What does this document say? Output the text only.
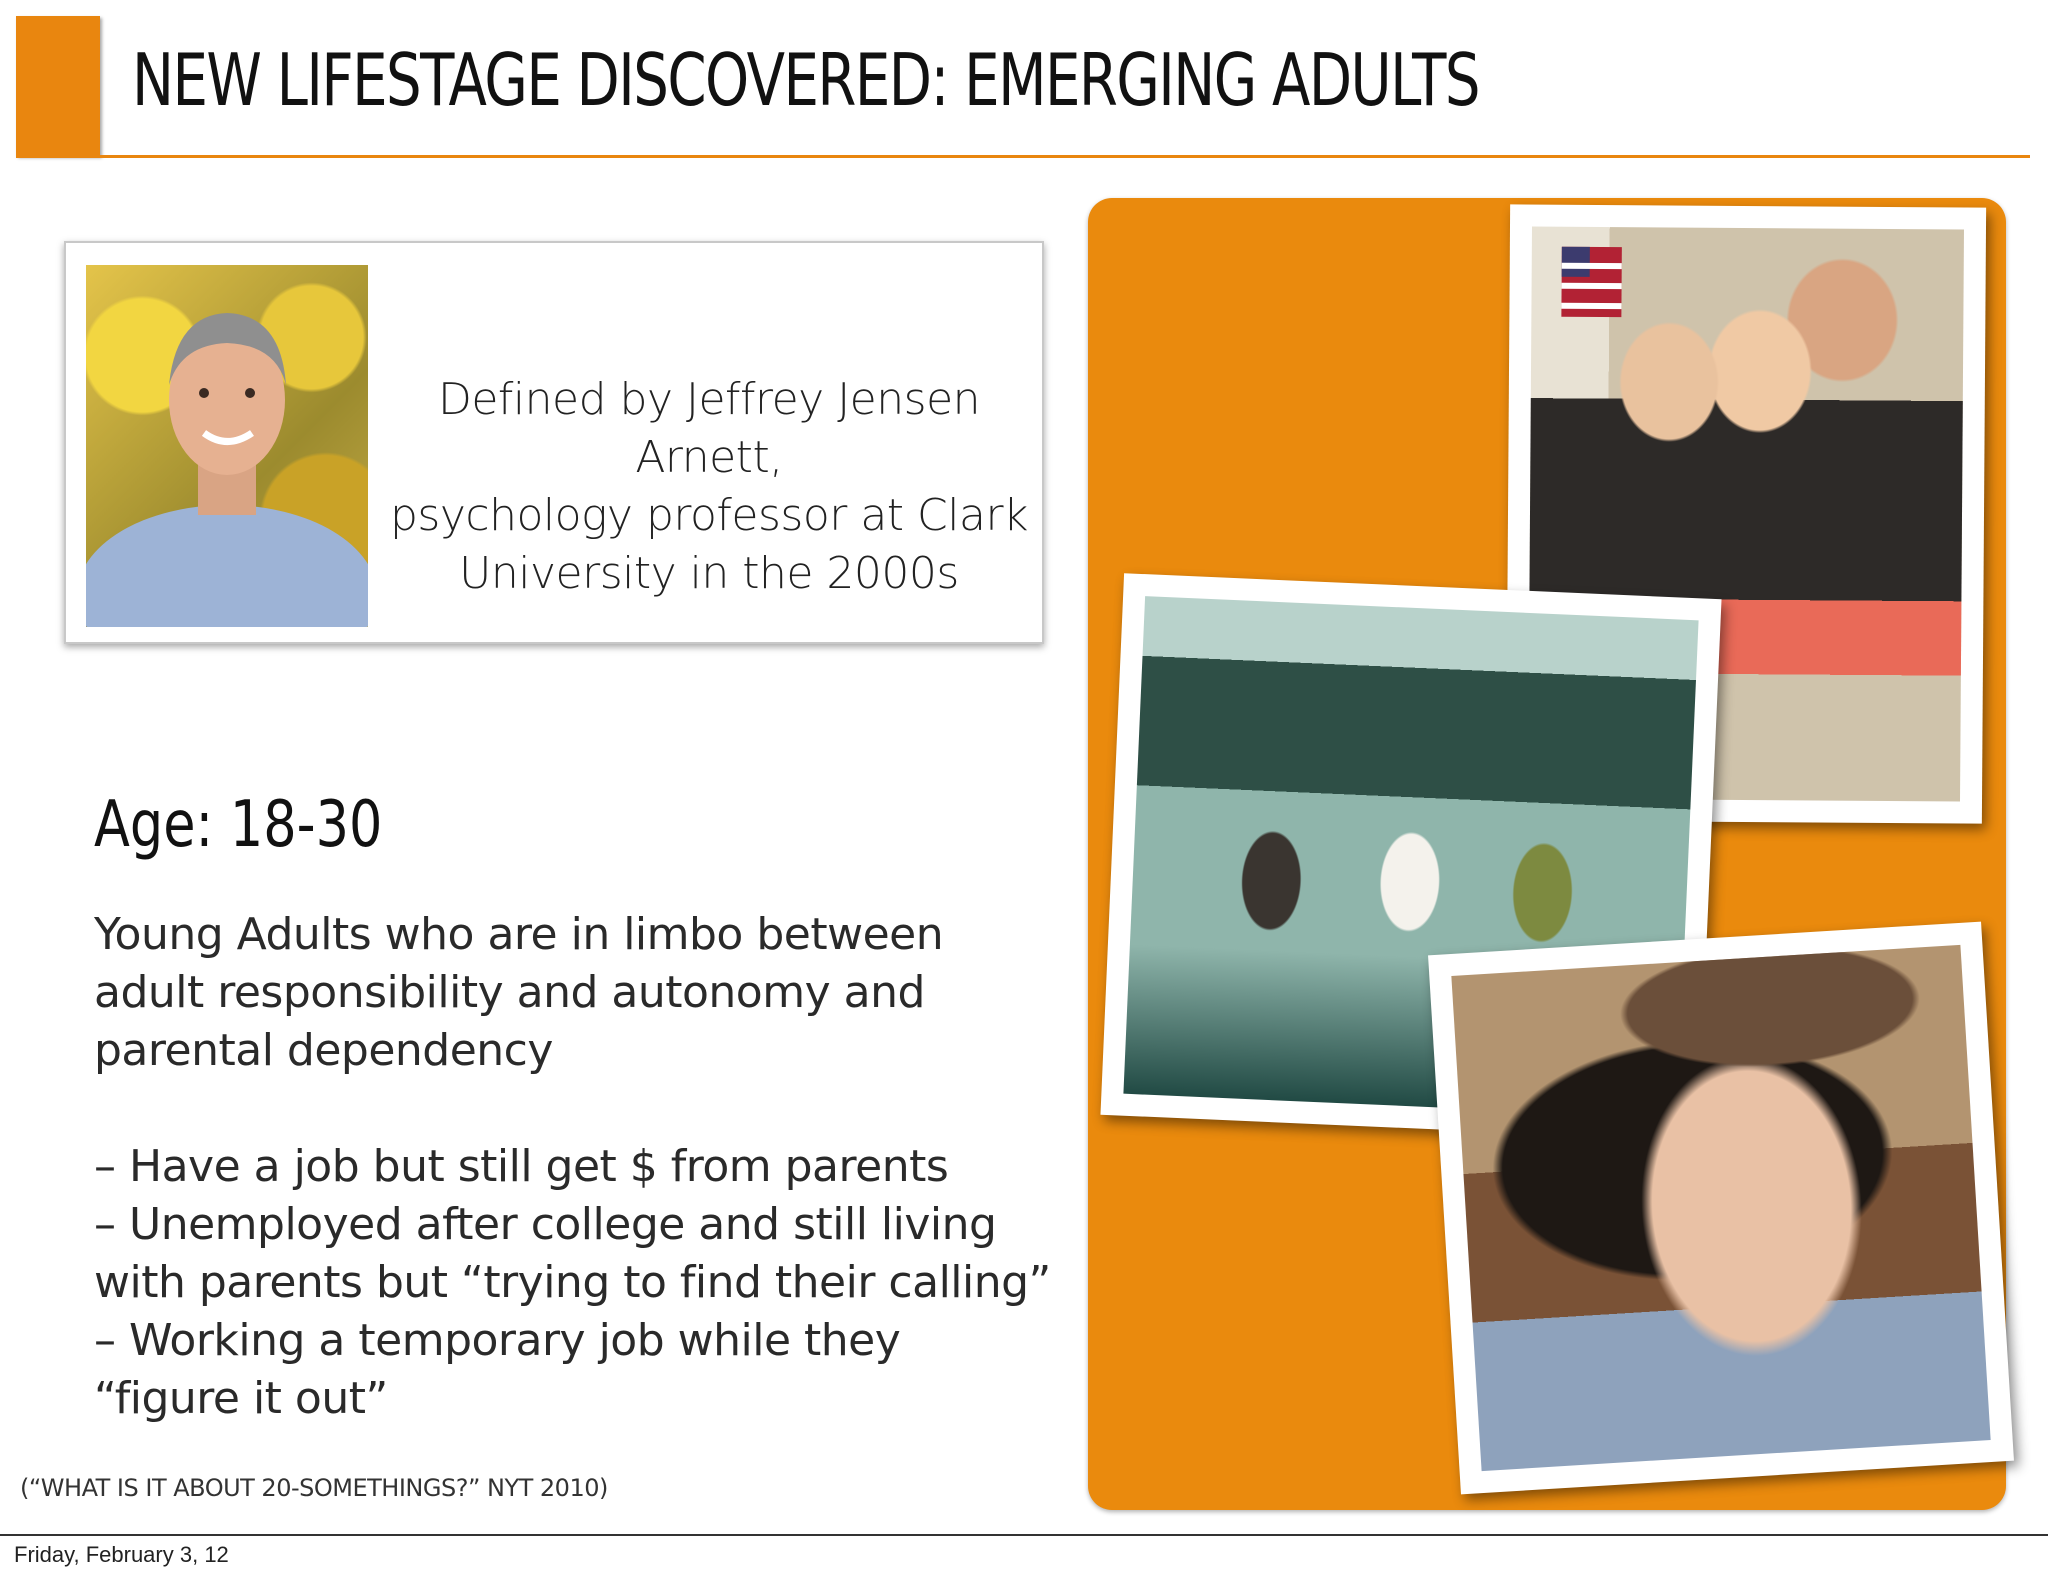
NEW LIFESTAGE DISCOVERED: EMERGING ADULTS
Defined by Jeffrey Jensen Arnett,
psychology professor at Clark
University in the 2000s
Age: 18-30
Young Adults who are in limbo between
adult responsibility and autonomy and
parental dependency
– Have a job but still get $ from parents
– Unemployed after college and still living
with parents but “trying to find their calling”
– Working a temporary job while they
“figure it out”
(“WHAT IS IT ABOUT 20-SOMETHINGS?” NYT 2010)
Friday, February 3, 12
